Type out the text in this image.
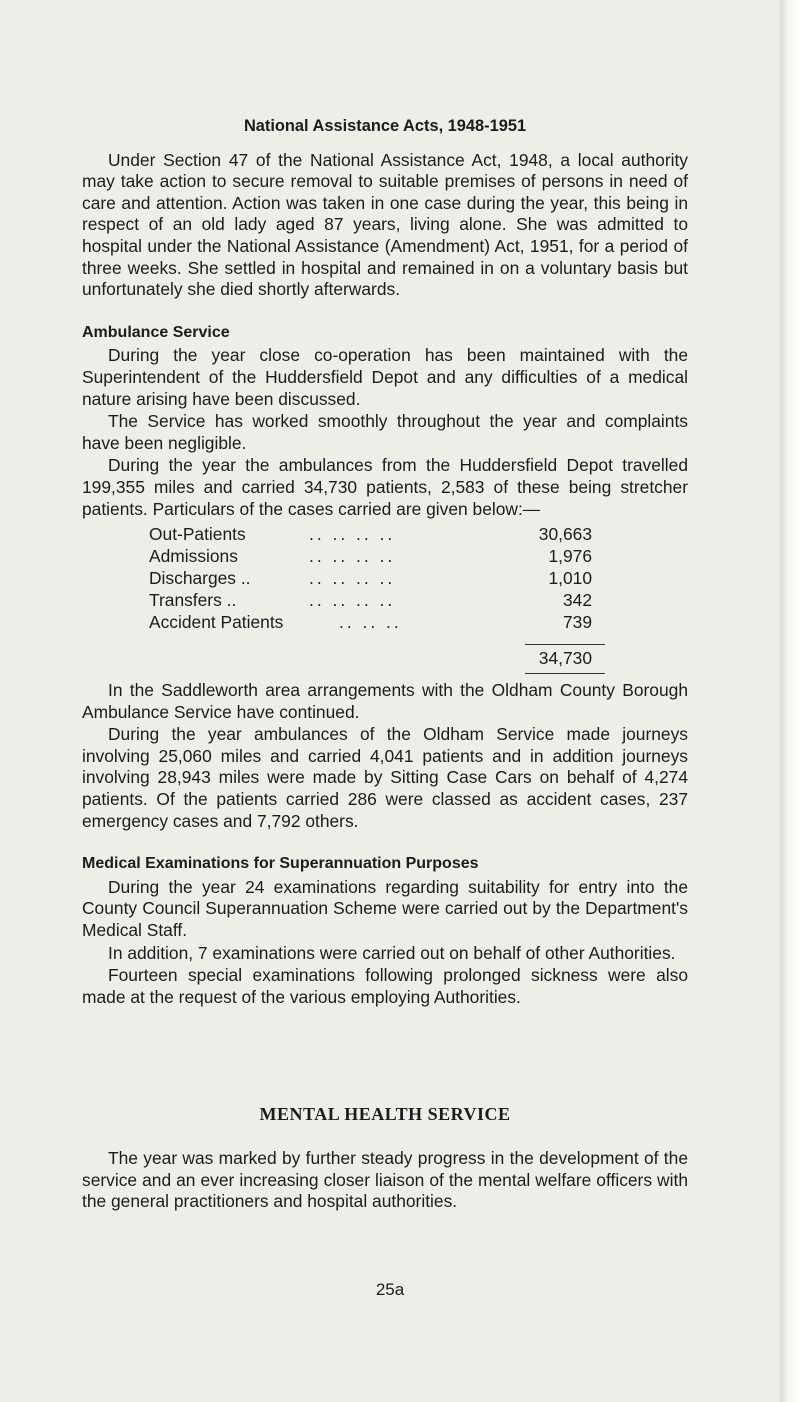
National Assistance Acts, 1948-1951

Under Section 47 of the National Assistance Act, 1948, a local authority may take action to secure removal to suitable premises of persons in need of care and attention. Action was taken in one case during the year, this being in respect of an old lady aged 87 years, living alone. She was admitted to hospital under the National Assistance (Amendment) Act, 1951, for a period of three weeks. She settled in hospital and remained in on a voluntary basis but unfortunately she died shortly afterwards.

Ambulance Service

During the year close co-operation has been maintained with the Superintendent of the Huddersfield Depot and any difficulties of a medical nature arising have been discussed.

The Service has worked smoothly throughout the year and complaints have been negligible.

During the year the ambulances from the Huddersfield Depot travelled 199,355 miles and carried 34,730 patients, 2,583 of these being stretcher patients. Particulars of the cases carried are given below:—

Out-Patients	.. .. .. ..	30,663
Admissions	.. .. .. ..	1,976
Discharges ..	.. .. .. ..	1,010
Transfers ..	.. .. .. ..	342
Accident Patients	.. .. ..	739
34,730

In the Saddleworth area arrangements with the Oldham County Borough Ambulance Service have continued.

During the year ambulances of the Oldham Service made journeys involving 25,060 miles and carried 4,041 patients and in addition journeys involving 28,943 miles were made by Sitting Case Cars on behalf of 4,274 patients. Of the patients carried 286 were classed as accident cases, 237 emergency cases and 7,792 others.

Medical Examinations for Superannuation Purposes

During the year 24 examinations regarding suitability for entry into the County Council Superannuation Scheme were carried out by the Department's Medical Staff.

In addition, 7 examinations were carried out on behalf of other Authorities.

Fourteen special examinations following prolonged sickness were also made at the request of the various employing Authorities.

MENTAL HEALTH SERVICE

The year was marked by further steady progress in the development of the service and an ever increasing closer liaison of the mental welfare officers with the general practitioners and hospital authorities.

25a
